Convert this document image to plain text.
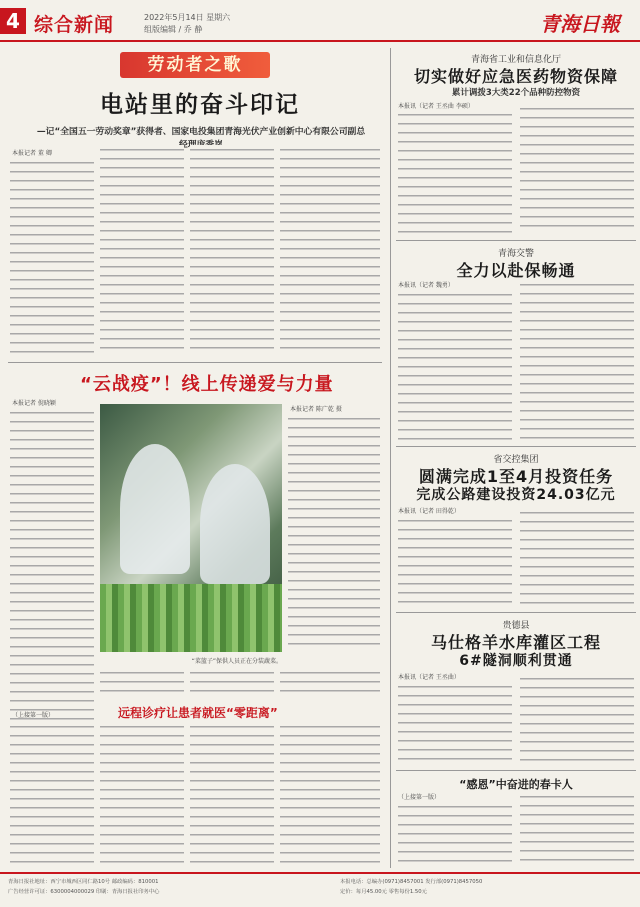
4 综合新闻	2022年5月14日 星期六
组版编辑 / 乔 静	青海日報
劳动者之歌
电站里的奋斗印记
—记“全国五一劳动奖章”获得者、国家电投集团青海光伏产业创新中心有限公司副总经理
本报记者 董 卿
“云战疫”！线上传递爱与力量
本报记者 倪晓颖
本报记者 陈广乾 摄
“菜篮子”保供人员正在分装蔬菜。
远程诊疗让患者就医“零距离”
（上接第一版）
青海省工业和信息化厅
切实做好应急医药物资保障
累计调拨3大类22个品种防控物资
本报讯（记者 王丞曲 李硕）
青海交警
全力以赴保畅通
本报讯（记者 魏勇）
省交控集团
圆满完成1至4月投资任务
完成公路建设投资24.03亿元
本报讯（记者 田得乾）
贵德县
马仕格羊水库灌区工程
6#隧洞顺利贯通
本报讯（记者 王丞曲）
“感恩”中奋进的春卡人
（上接第一版）
青海日报社地址：西宁市城西区同仁路10号 邮政编码：810001
广告经营许可证：6300004000029 印刷：青海日报社印务中心
本报电话：总编办(0971)8457001 发行部(0971)8457050
定价：每月45.00元 零售每份1.50元
